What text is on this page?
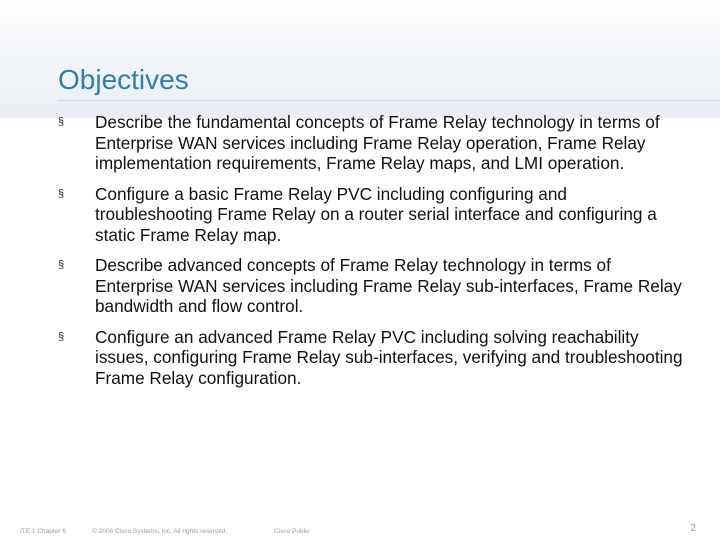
Objectives
§ Describe the fundamental concepts of Frame Relay technology in terms of Enterprise WAN services including Frame Relay operation, Frame Relay implementation requirements, Frame Relay maps, and LMI operation.
§ Configure a basic Frame Relay PVC including configuring and troubleshooting Frame Relay on a router serial interface and configuring a static Frame Relay map.
§ Describe advanced concepts of Frame Relay technology in terms of Enterprise WAN services including Frame Relay sub-interfaces, Frame Relay bandwidth and flow control.
§ Configure an advanced Frame Relay PVC including solving reachability issues, configuring Frame Relay sub-interfaces, verifying and troubleshooting Frame Relay configuration.
ITE 1 Chapter 6	© 2006 Cisco Systems, Inc. All rights reserved.	Cisco Public	2
